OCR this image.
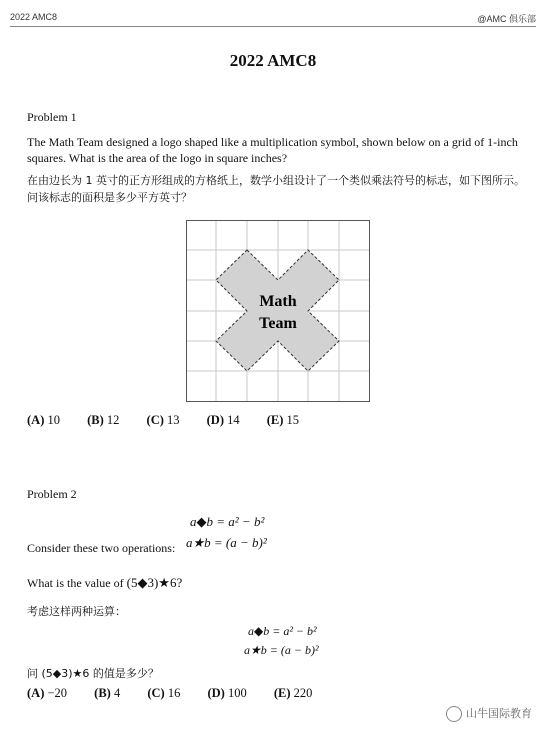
2022 AMC8	@AMC 俱乐部
2022 AMC8
Problem 1
The Math Team designed a logo shaped like a multiplication symbol, shown below on a grid of 1-inch squares. What is the area of the logo in square inches?
在由边长为 1 英寸的正方形组成的方格纸上，数学小组设计了一个类似乘法符号的标志，如下图所示。问该标志的面积是多少平方英寸？
Math
Team
(A) 10 (B) 12 (C) 13 (D) 14 (E) 15
Problem 2
a◆b = a² − b²
Consider these two operations: a★b = (a − b)²
What is the value of (5◆3)★6?
考虑这样两种运算：
a◆b = a² − b²
a★b = (a − b)²
问 (5◆3)★6 的值是多少？
(A) −20 (B) 4 (C) 16 (D) 100 (E) 220
山牛国际教育
